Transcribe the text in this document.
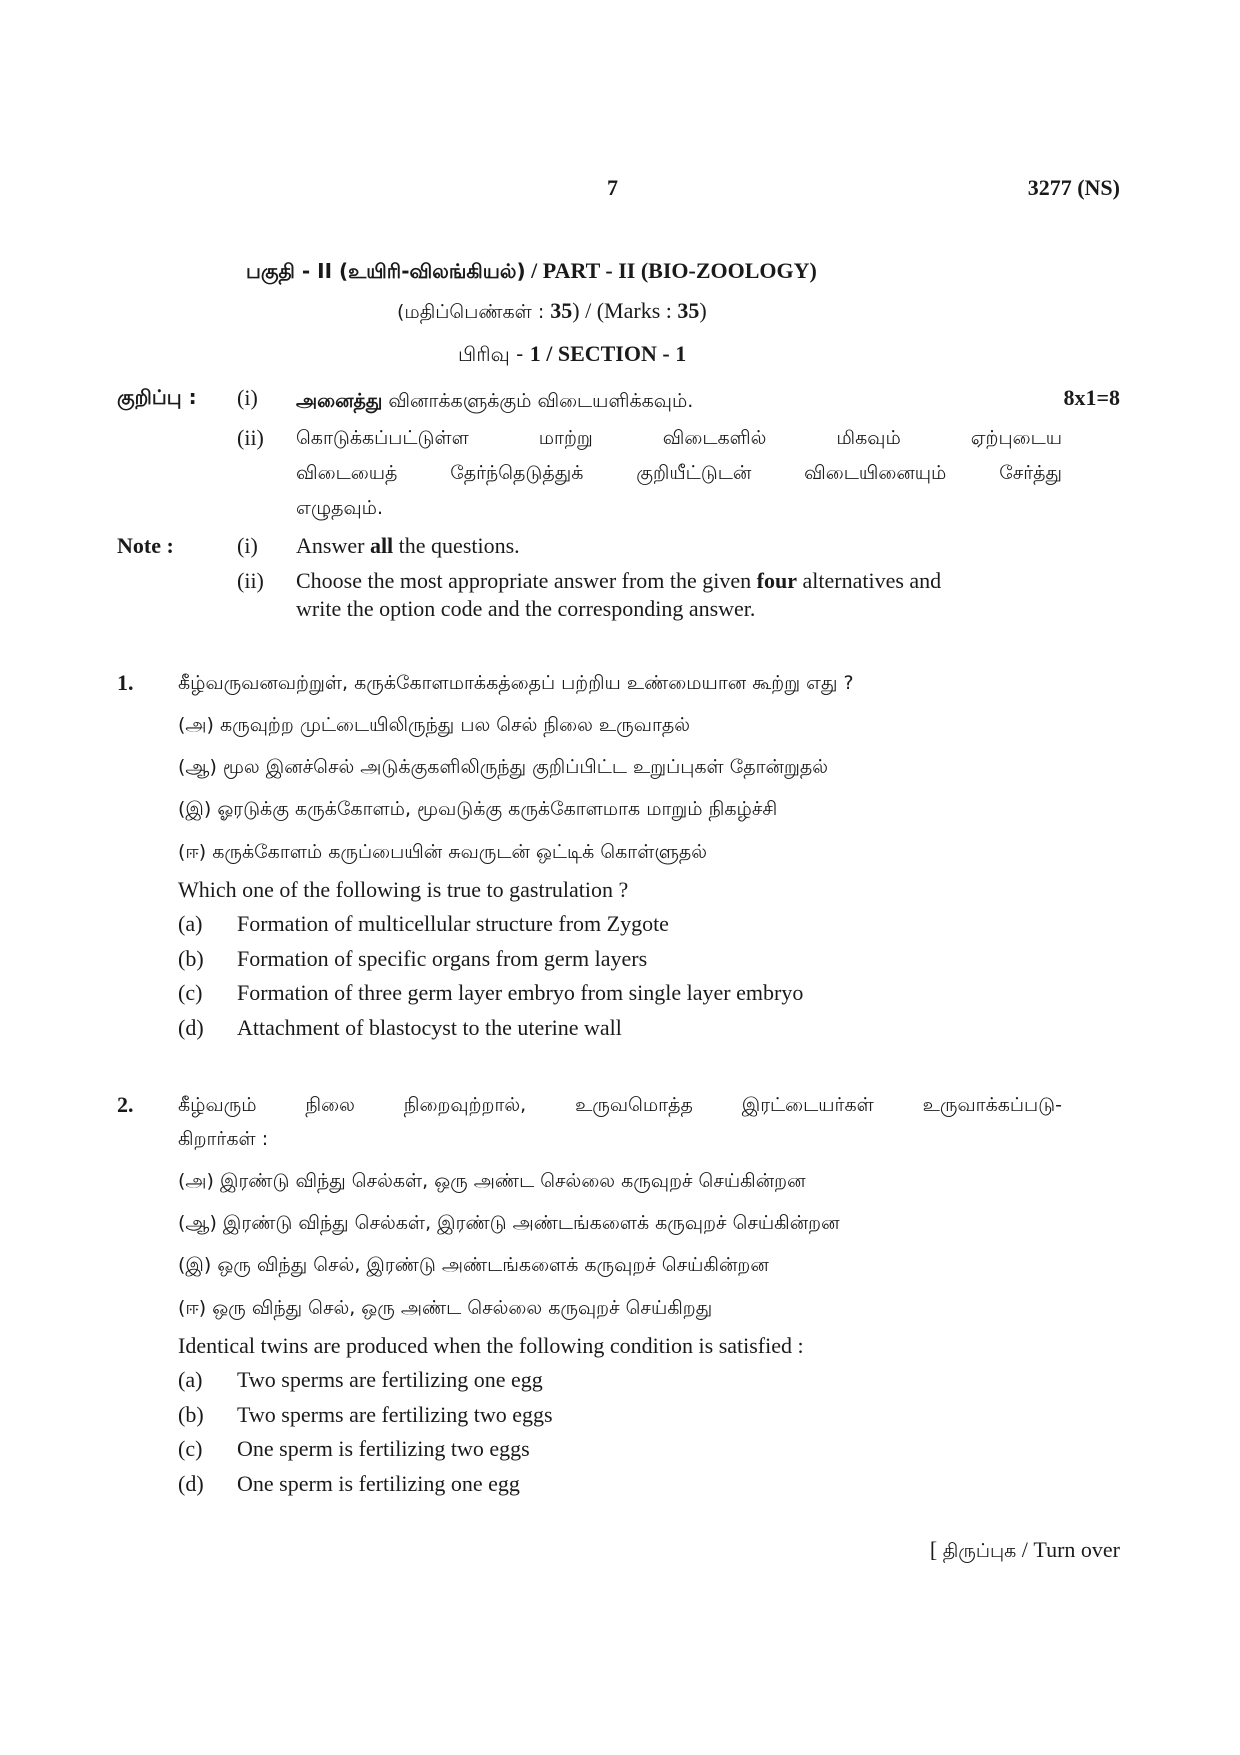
7	3277 (NS)
பகுதி - II (உயிரி-விலங்கியல்) / PART - II (BIO-ZOOLOGY)
(மதிப்பெண்கள் : 35) / (Marks : 35)
பிரிவு - 1 / SECTION - 1
குறிப்பு : (i) அனைத்து வினாக்களுக்கும் விடையளிக்கவும்.	8x1=8
(ii) கொடுக்கப்பட்டுள்ள மாற்று விடைகளில் மிகவும் ஏற்புடைய
விடையைத் தேர்ந்தெடுத்துக் குறியீட்டுடன் விடையினையும் சேர்த்து
எழுதவும்.
Note :	(i) Answer all the questions.
(ii) Choose the most appropriate answer from the given four alternatives and
write the option code and the corresponding answer.
1. கீழ்வருவனவற்றுள், கருக்கோளமாக்கத்தைப் பற்றிய உண்மையான கூற்று எது ?
(அ) கருவுற்ற முட்டையிலிருந்து பல செல் நிலை உருவாதல்
(ஆ) மூல இனச்செல் அடுக்குகளிலிருந்து குறிப்பிட்ட உறுப்புகள் தோன்றுதல்
(இ) ஓரடுக்கு கருக்கோளம், மூவடுக்கு கருக்கோளமாக மாறும் நிகழ்ச்சி
(ஈ) கருக்கோளம் கருப்பையின் சுவருடன் ஒட்டிக் கொள்ளுதல்
Which one of the following is true to gastrulation ?
(a) Formation of multicellular structure from Zygote
(b) Formation of specific organs from germ layers
(c) Formation of three germ layer embryo from single layer embryo
(d) Attachment of blastocyst to the uterine wall
2. கீழ்வரும் நிலை நிறைவுற்றால், உருவமொத்த இரட்டையர்கள் உருவாக்கப்படு-
கிறார்கள் :
(அ) இரண்டு விந்து செல்கள், ஒரு அண்ட செல்லை கருவுறச் செய்கின்றன
(ஆ) இரண்டு விந்து செல்கள், இரண்டு அண்டங்களைக் கருவுறச் செய்கின்றன
(இ) ஒரு விந்து செல், இரண்டு அண்டங்களைக் கருவுறச் செய்கின்றன
(ஈ) ஒரு விந்து செல், ஒரு அண்ட செல்லை கருவுறச் செய்கிறது
Identical twins are produced when the following condition is satisfied :
(a) Two sperms are fertilizing one egg
(b) Two sperms are fertilizing two eggs
(c) One sperm is fertilizing two eggs
(d) One sperm is fertilizing one egg
[ திருப்புக / Turn over
